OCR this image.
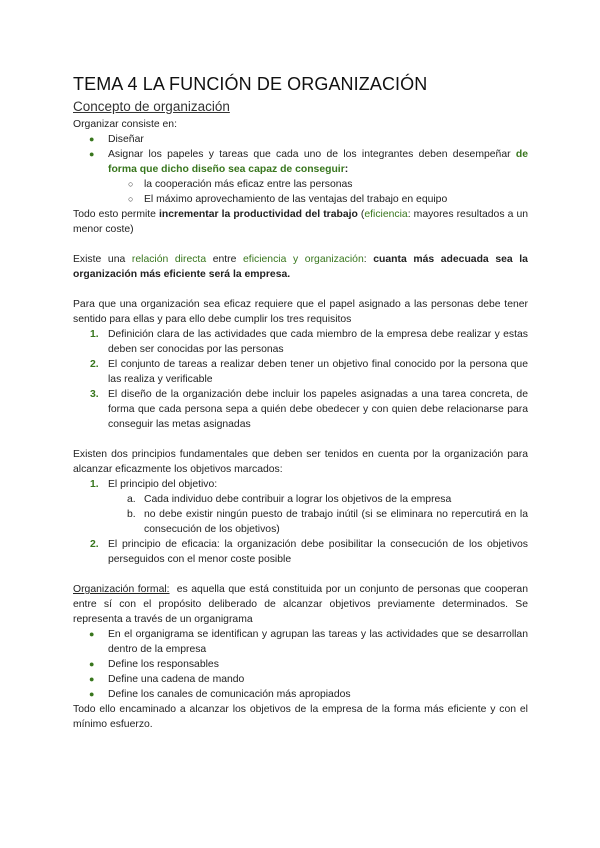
TEMA 4 LA FUNCIÓN DE ORGANIZACIÓN
Concepto de organización

Organizar consiste en:

● Diseñar
● Asignar los papeles y tareas que cada uno de los integrantes deben desempeñar de forma que dicho diseño sea capaz de conseguir:
○ la cooperación más eficaz entre las personas
○ El máximo aprovechamiento de las ventajas del trabajo en equipo

Todo esto permite incrementar la productividad del trabajo (eficiencia: mayores resultados a un menor coste)

Existe una relación directa entre eficiencia y organización: cuanta más adecuada sea la organización más eficiente será la empresa.

Para que una organización sea eficaz requiere que el papel asignado a las personas debe tener sentido para ellas y para ello debe cumplir los tres requisitos

1. Definición clara de las actividades que cada miembro de la empresa debe realizar y estas deben ser conocidas por las personas
2. El conjunto de tareas a realizar deben tener un objetivo final conocido por la persona que las realiza y verificable
3. El diseño de la organización debe incluir los papeles asignadas a una tarea concreta, de forma que cada persona sepa a quién debe obedecer y con quien debe relacionarse para conseguir las metas asignadas

Existen dos principios fundamentales que deben ser tenidos en cuenta por la organización para alcanzar eficazmente los objetivos marcados:

1. El principio del objetivo:
a. Cada individuo debe contribuir a lograr los objetivos de la empresa
b. no debe existir ningún puesto de trabajo inútil (si se eliminara no repercutirá en la consecución de los objetivos)
2. El principio de eficacia: la organización debe posibilitar la consecución de los objetivos perseguidos con el menor coste posible

Organización formal:  es aquella que está constituida por un conjunto de personas que cooperan entre sí con el propósito deliberado de alcanzar objetivos previamente determinados. Se representa a través de un organigrama

● En el organigrama se identifican y agrupan las tareas y las actividades que se desarrollan dentro de la empresa
● Define los responsables
● Define una cadena de mando
● Define los canales de comunicación más apropiados

Todo ello encaminado a alcanzar los objetivos de la empresa de la forma más eficiente y con el mínimo esfuerzo.
